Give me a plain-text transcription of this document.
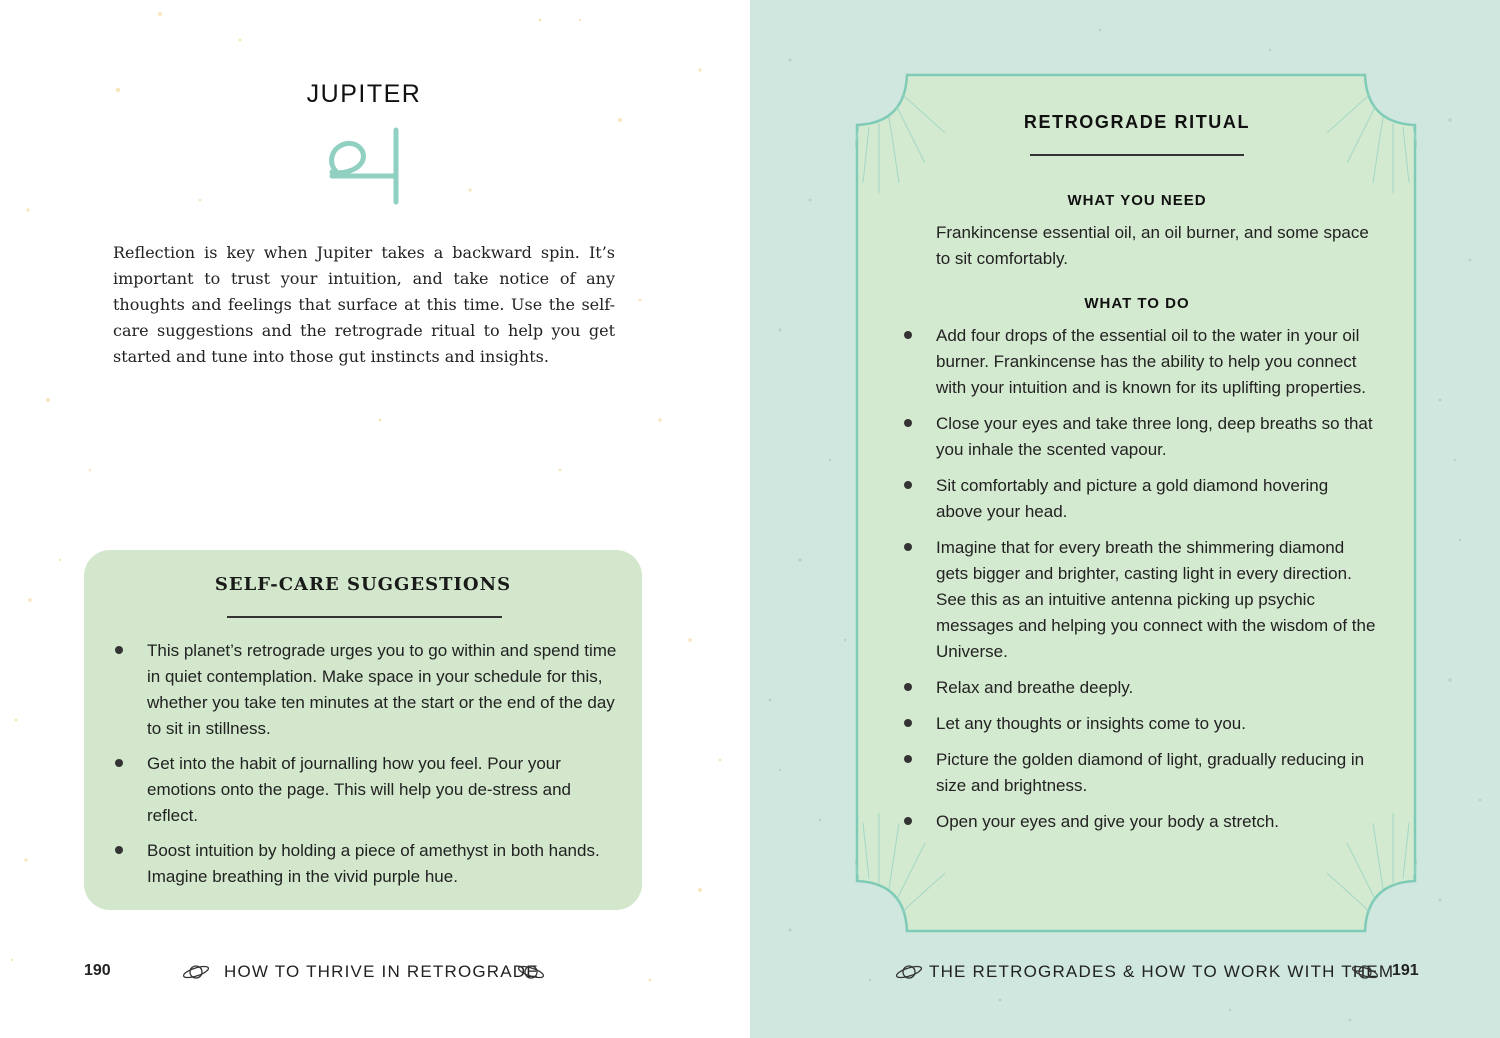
JUPITER
Reflection is key when Jupiter takes a backward spin. It’s important to trust your intuition, and take notice of any thoughts and feelings that surface at this time. Use the self-care suggestions and the retrograde ritual to help you get started and tune into those gut instincts and insights.
SELF-CARE SUGGESTIONS
This planet’s retrograde urges you to go within and spend time in quiet contemplation. Make space in your schedule for this, whether you take ten minutes at the start or the end of the day to sit in stillness.
Get into the habit of journalling how you feel. Pour your emotions onto the page. This will help you de-stress and reflect.
Boost intuition by holding a piece of amethyst in both hands. Imagine breathing in the vivid purple hue.
190	HOW TO THRIVE IN RETROGRADE
RETROGRADE RITUAL
WHAT YOU NEED
Frankincense essential oil, an oil burner, and some space to sit comfortably.
WHAT TO DO
Add four drops of the essential oil to the water in your oil burner. Frankincense has the ability to help you connect with your intuition and is known for its uplifting properties.
Close your eyes and take three long, deep breaths so that you inhale the scented vapour.
Sit comfortably and picture a gold diamond hovering above your head.
Imagine that for every breath the shimmering diamond gets bigger and brighter, casting light in every direction. See this as an intuitive antenna picking up psychic messages and helping you connect with the wisdom of the Universe.
Relax and breathe deeply.
Let any thoughts or insights come to you.
Picture the golden diamond of light, gradually reducing in size and brightness.
Open your eyes and give your body a stretch.
THE RETROGRADES & HOW TO WORK WITH THEM
191
